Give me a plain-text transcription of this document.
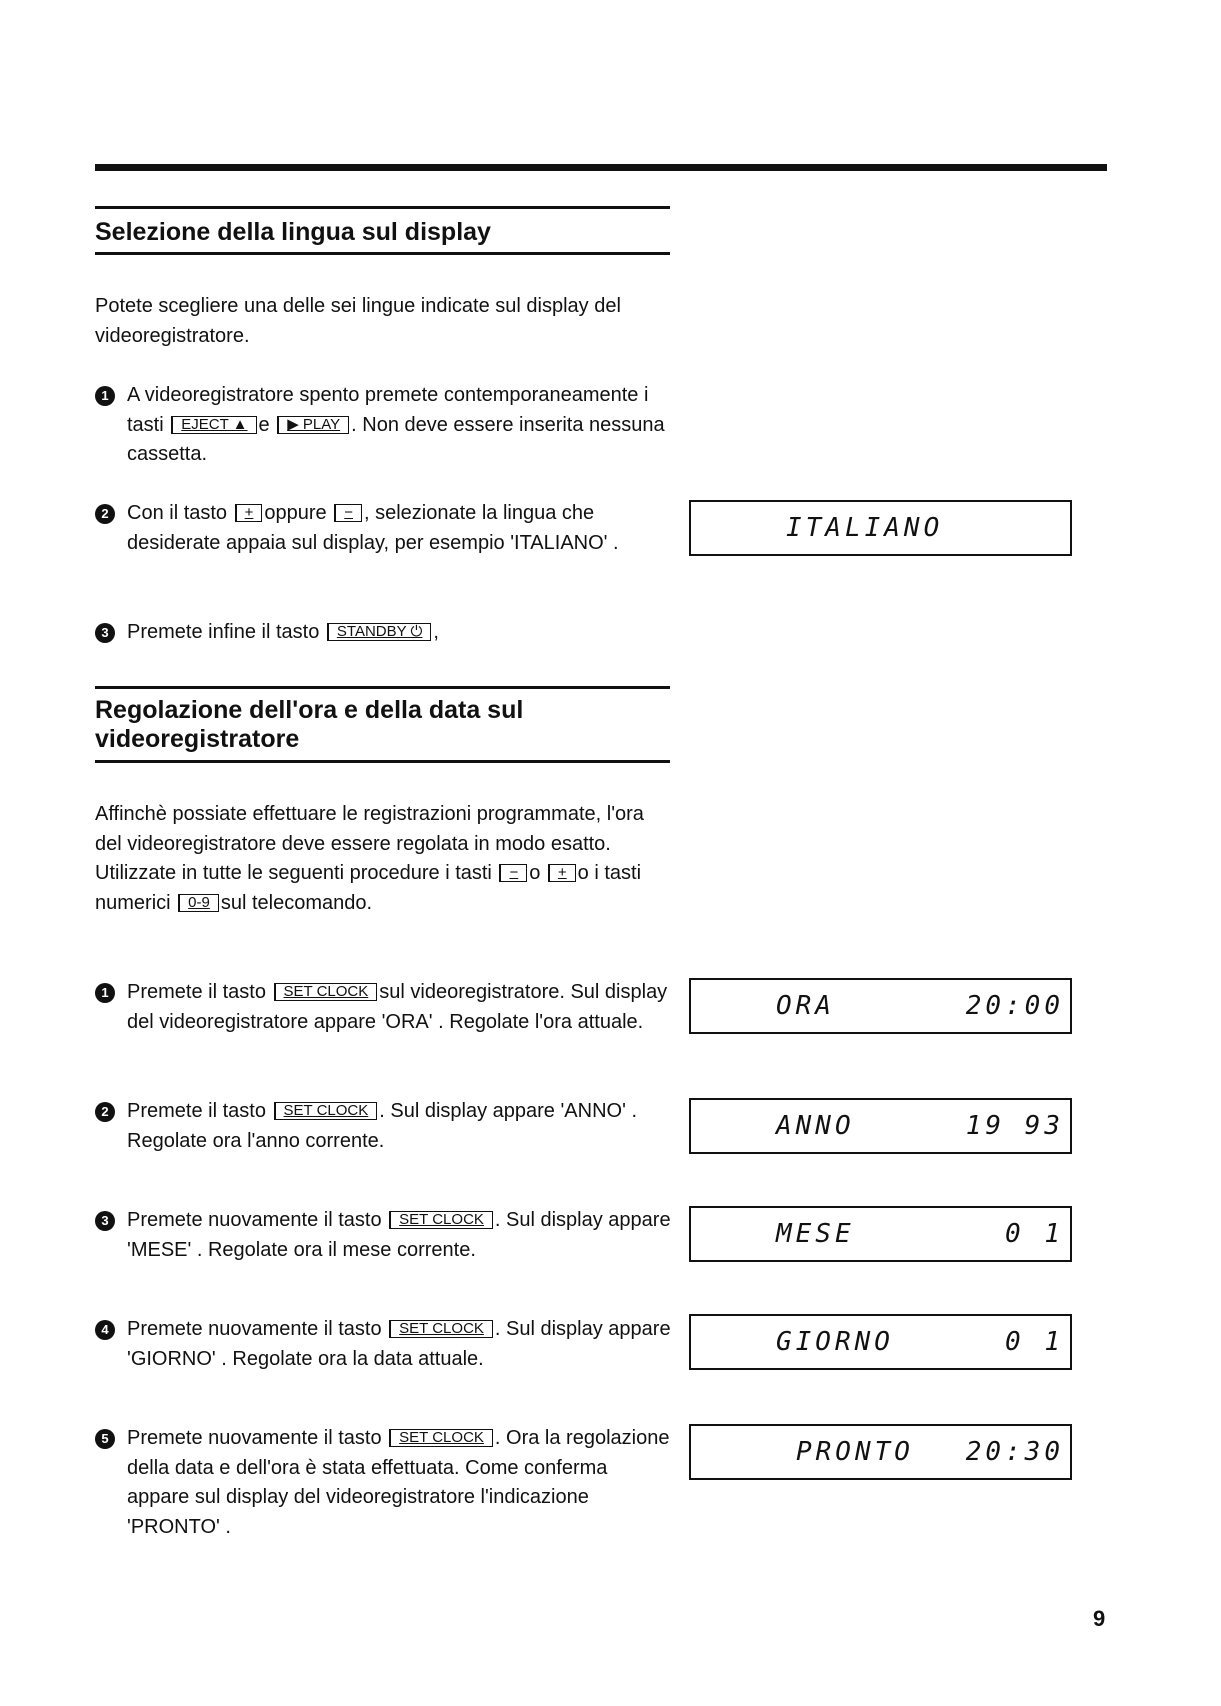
Selezione della lingua sul display
Potete scegliere una delle sei lingue indicate sul display del videoregistratore.
1 A videoregistratore spento premete contemporaneamente i tasti EJECT ▲ e ▶ PLAY . Non deve essere inserita nessuna cassetta.
2 Con il tasto + oppure − , selezionate la lingua che desiderate appaia sul display, per esempio 'ITALIANO' .
3 Premete infine il tasto STANDBY ⏻ ,
ITALIANO
Regolazione dell'ora e della data sul videoregistratore
Affinchè possiate effettuare le registrazioni programmate, l'ora del videoregistratore deve essere regolata in modo esatto. Utilizzate in tutte le seguenti procedure i tasti − o + o i tasti numerici 0-9 sul telecomando.
1 Premete il tasto SET CLOCK sul videoregistratore. Sul display del videoregistratore appare 'ORA' . Regolate l'ora attuale.
2 Premete il tasto SET CLOCK . Sul display appare 'ANNO' . Regolate ora l'anno corrente.
3 Premete nuovamente il tasto SET CLOCK . Sul display appare 'MESE' . Regolate ora il mese corrente.
4 Premete nuovamente il tasto SET CLOCK . Sul display appare 'GIORNO' . Regolate ora la data attuale.
5 Premete nuovamente il tasto SET CLOCK . Ora la regolazione della data e dell'ora è stata effettuata. Come conferma appare sul display del videoregistratore l'indicazione 'PRONTO' .
ORA	20:00
ANNO	19 93
MESE	0 1
GIORNO	0 1
PRONTO 20:30
9
